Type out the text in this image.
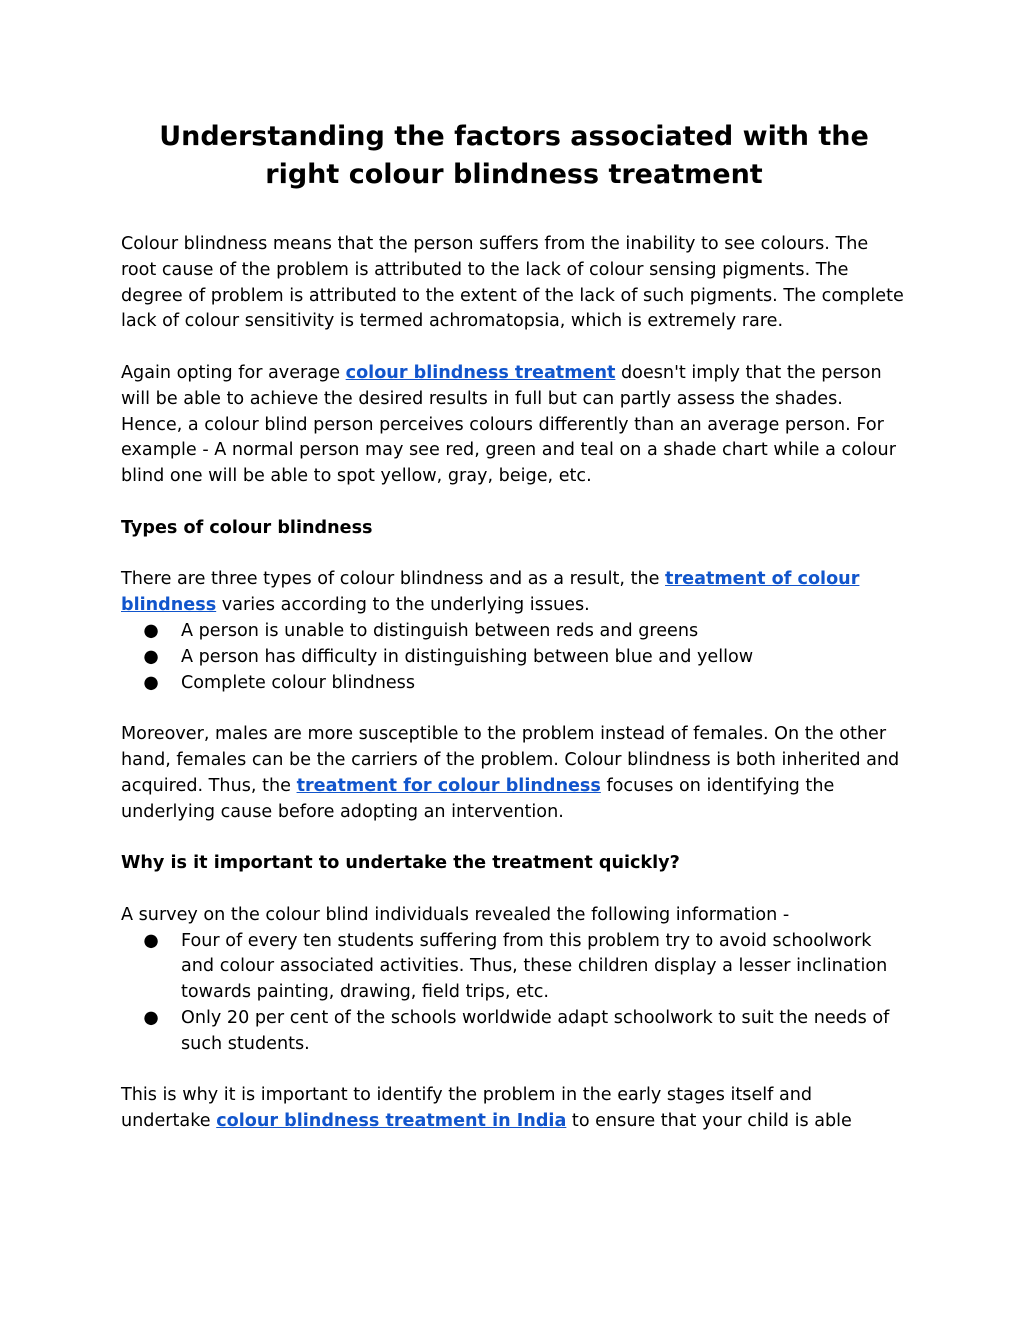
Understanding the factors associated with the right colour blindness treatment

Colour blindness means that the person suffers from the inability to see colours. The root cause of the problem is attributed to the lack of colour sensing pigments. The degree of problem is attributed to the extent of the lack of such pigments. The complete lack of colour sensitivity is termed achromatopsia, which is extremely rare.

Again opting for average colour blindness treatment doesn't imply that the person will be able to achieve the desired results in full but can partly assess the shades.

Hence, a colour blind person perceives colours differently than an average person. For example - A normal person may see red, green and teal on a shade chart while a colour blind one will be able to spot yellow, gray, beige, etc.

Types of colour blindness

There are three types of colour blindness and as a result, the treatment of colour blindness varies according to the underlying issues.

● A person is unable to distinguish between reds and greens
● A person has difficulty in distinguishing between blue and yellow
● Complete colour blindness

Moreover, males are more susceptible to the problem instead of females. On the other hand, females can be the carriers of the problem. Colour blindness is both inherited and acquired. Thus, the treatment for colour blindness focuses on identifying the underlying cause before adopting an intervention.

Why is it important to undertake the treatment quickly?

A survey on the colour blind individuals revealed the following information -

● Four of every ten students suffering from this problem try to avoid schoolwork and colour associated activities. Thus, these children display a lesser inclination towards painting, drawing, field trips, etc.
● Only 20 per cent of the schools worldwide adapt schoolwork to suit the needs of such students.

This is why it is important to identify the problem in the early stages itself and undertake colour blindness treatment in India to ensure that your child is able
